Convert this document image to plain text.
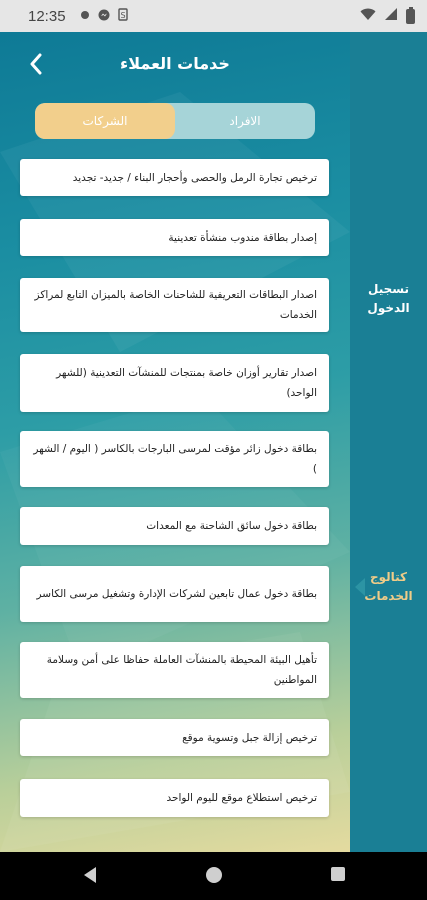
12:35	S
تسجيل الدخول
كتالوج الخدمات
خدمات العملاء
الشركات	الافراد
ترخيص تجارة الرمل والحصى وأحجار البناء / جديد- تجديد
إصدار بطاقة مندوب منشأة تعدينية
اصدار البطاقات التعريفية للشاحنات الخاصة بالميزان التابع لمراكز الخدمات
اصدار تقارير أوزان خاصة بمنتجات للمنشآت التعدينية (للشهر الواحد)
بطاقة دخول زائر مؤقت لمرسى البارجات بالكاسر ( اليوم / الشهر )
بطاقة دخول سائق الشاحنة مع المعدات
بطاقة دخول عمال تابعين لشركات الإدارة وتشغيل مرسى الكاسر
تأهيل البيئة المحيطة بالمنشآت العاملة حفاظا على أمن وسلامة المواطنين
ترخيص إزالة جبل وتسوية موقع
ترخيص استطلاع موقع لليوم الواحد
